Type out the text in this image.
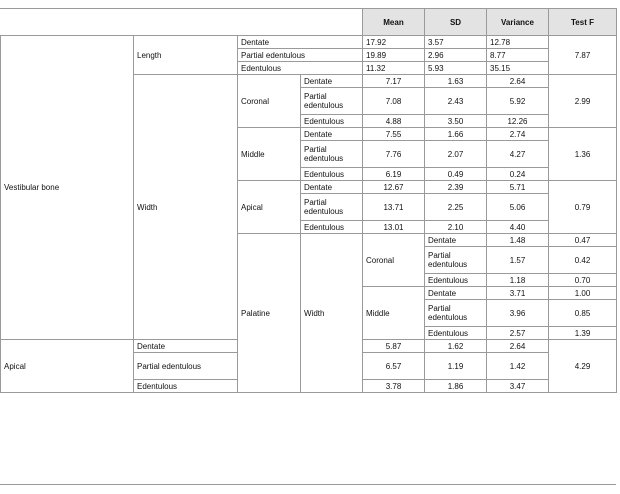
				Mean	SD	Variance	Test F	
Vestibular bone	Length	Dentate		17.92	3.57	12.78	7.87	
		Partial edentulous		19.89	2.96	8.77		
		Edentulous		11.32	5.93	35.15		
	Width	Coronal	Dentate	7.17	1.63	2.64	2.99	
			Partial edentulous	7.08	2.43	5.92		
			Edentulous	4.88	3.50	12.26		
		Middle	Dentate	7.55	1.66	2.74	1.36	
			Partial edentulous	7.76	2.07	4.27		
			Edentulous	6.19	0.49	0.24		
		Apical	Dentate	12.67	2.39	5.71	0.79	
			Partial edentulous	13.71	2.25	5.06		
			Edentulous	13.01	2.10	4.40		
		Palatine	Width	Coronal	Dentate	1.48	0.47		
					Partial edentulous	1.57	0.42	
					Edentulous	1.18	0.70	
				Middle	Dentate	3.71	1.00		
					Partial edentulous	3.96	0.85	
					Edentulous	2.57	1.39	
Apical	Dentate			5.87	1.62	2.64	4.29	
	Partial edentulous			6.57	1.19	1.42		
	Edentulous			3.78	1.86	3.47		
